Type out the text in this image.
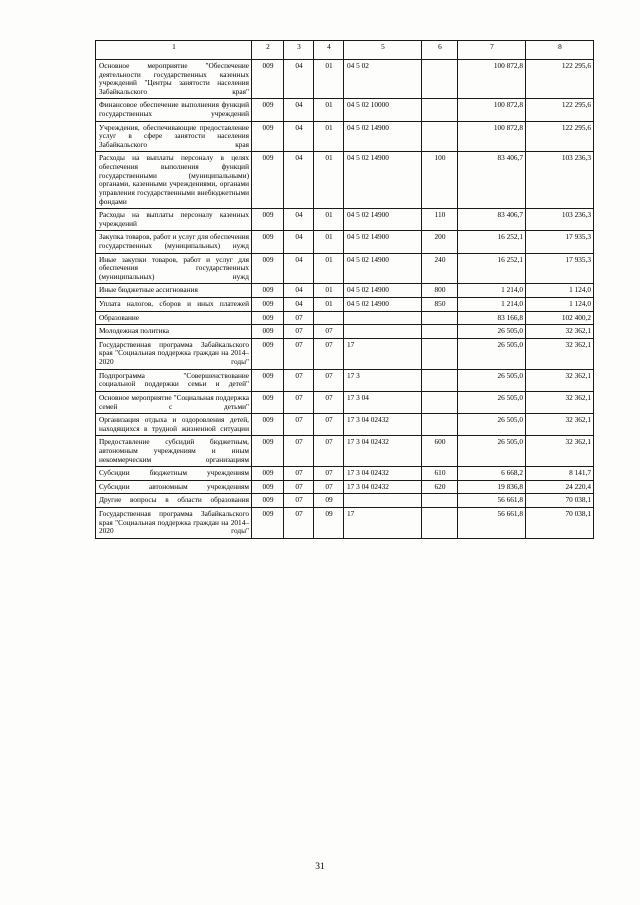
1	2	3	4	5	6	7	8
Основное мероприятие "Обеспечение деятельности государственных казенных учреждений "Центры занятости населения Забайкальского края"	009	04	01	04 5 02		100 872,8	122 295,6
Финансовое обеспечение выполнения функций государственных учреждений	009	04	01	04 5 02 10000		100 872,8	122 295,6
Учреждения, обеспечивающие предоставление услуг в сфере занятости населения Забайкальского края	009	04	01	04 5 02 14900		100 872,8	122 295,6
Расходы на выплаты персоналу в целях обеспечения выполнения функций государственными (муниципальными) органами, казенными учреждениями, органами управления государственными внебюджетными фондами	009	04	01	04 5 02 14900	100	83 406,7	103 236,3
Расходы на выплаты персоналу казенных учреждений	009	04	01	04 5 02 14900	110	83 406,7	103 236,3
Закупка товаров, работ и услуг для обеспечения государственных (муниципальных) нужд	009	04	01	04 5 02 14900	200	16 252,1	17 935,3
Иные закупки товаров, работ и услуг для обеспечения государственных (муниципальных) нужд	009	04	01	04 5 02 14900	240	16 252,1	17 935,3
Иные бюджетные ассигнования	009	04	01	04 5 02 14900	800	1 214,0	1 124,0
Уплата налогов, сборов и иных платежей	009	04	01	04 5 02 14900	850	1 214,0	1 124,0
Образование	009	07				83 166,8	102 400,2
Молодежная политика	009	07	07			26 505,0	32 362,1
Государственная программа Забайкальского края "Социальная поддержка граждан на 2014–2020 годы"	009	07	07	17		26 505,0	32 362,1
Подпрограмма "Совершенствование социальной поддержки семьи и детей"	009	07	07	17 3		26 505,0	32 362,1
Основное мероприятие "Социальная поддержка семей с детьми"	009	07	07	17 3 04		26 505,0	32 362,1
Организация отдыха и оздоровления детей, находящихся в трудной жизненной ситуации	009	07	07	17 3 04 02432		26 505,0	32 362,1
Предоставление субсидий бюджетным, автономным учреждениям и иным некоммерческим организациям	009	07	07	17 3 04 02432	600	26 505,0	32 362,1
Субсидии бюджетным учреждениям	009	07	07	17 3 04 02432	610	6 668,2	8 141,7
Субсидии автономным учреждениям	009	07	07	17 3 04 02432	620	19 836,8	24 220,4
Другие вопросы в области образования	009	07	09			56 661,8	70 038,1
Государственная программа Забайкальского края "Социальная поддержка граждан на 2014–2020 годы"	009	07	09	17		56 661,8	70 038,1
31
